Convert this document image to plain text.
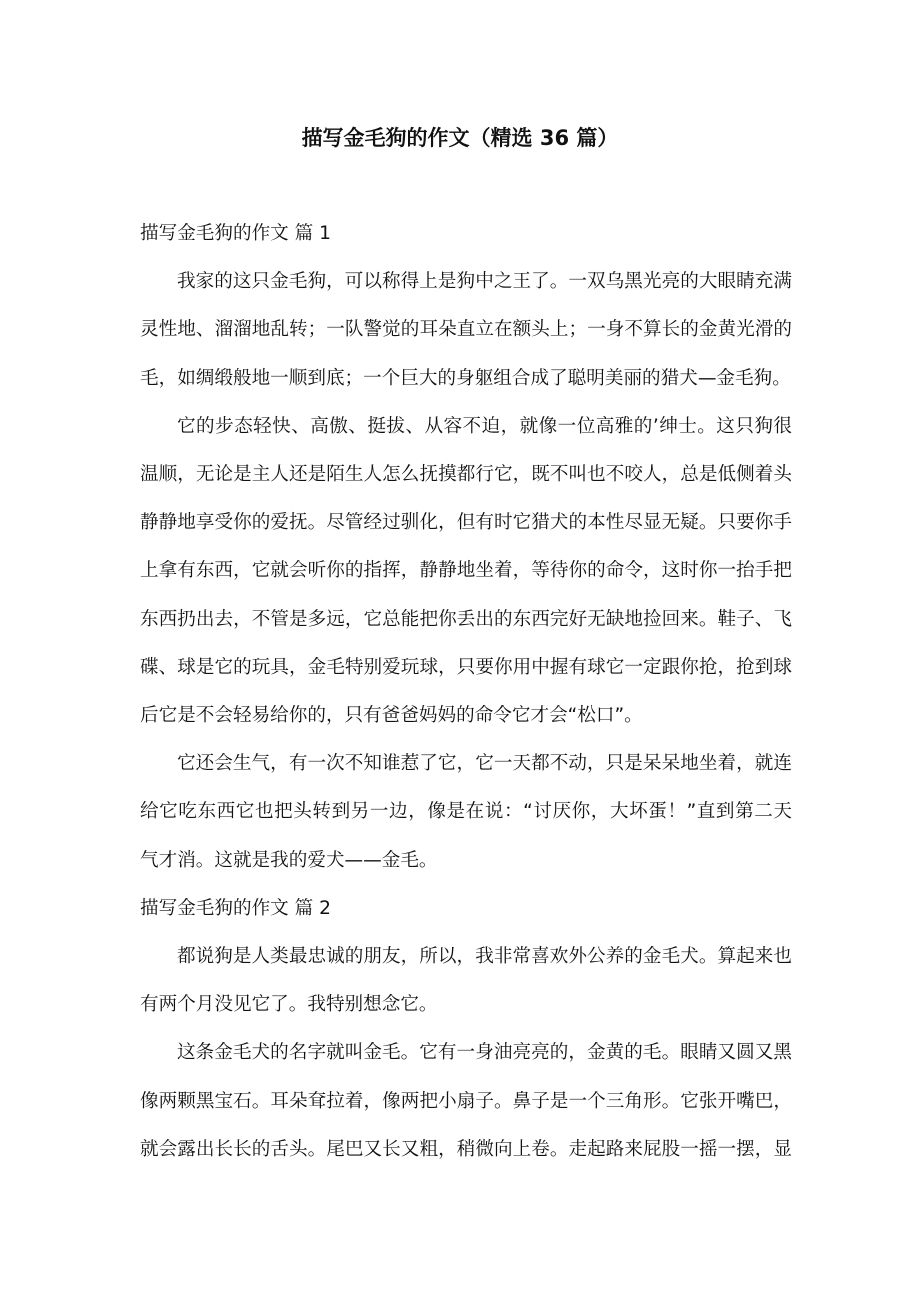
描写金毛狗的作文（精选 36 篇）
描写金毛狗的作文 篇 1
我家的这只金毛狗，可以称得上是狗中之王了。一双乌黑光亮的大眼睛充满
灵性地、溜溜地乱转；一队警觉的耳朵直立在额头上；一身不算长的金黄光滑的
毛，如绸缎般地一顺到底；一个巨大的身躯组合成了聪明美丽的猎犬—金毛狗。
它的步态轻快、高傲、挺拔、从容不迫，就像一位高雅的’绅士。这只狗很
温顺，无论是主人还是陌生人怎么抚摸都行它，既不叫也不咬人，总是低侧着头
静静地享受你的爱抚。尽管经过驯化，但有时它猎犬的本性尽显无疑。只要你手
上拿有东西，它就会听你的指挥，静静地坐着，等待你的命令，这时你一抬手把
东西扔出去，不管是多远，它总能把你丢出的东西完好无缺地捡回来。鞋子、飞
碟、球是它的玩具，金毛特别爱玩球，只要你用中握有球它一定跟你抢，抢到球
后它是不会轻易给你的，只有爸爸妈妈的命令它才会“松口”。
它还会生气，有一次不知谁惹了它，它一天都不动，只是呆呆地坐着，就连
给它吃东西它也把头转到另一边，像是在说：“讨厌你，大坏蛋！”直到第二天
气才消。这就是我的爱犬——金毛。
描写金毛狗的作文 篇 2
都说狗是人类最忠诚的朋友，所以，我非常喜欢外公养的金毛犬。算起来也
有两个月没见它了。我特别想念它。
这条金毛犬的名字就叫金毛。它有一身油亮亮的，金黄的毛。眼睛又圆又黑
像两颗黑宝石。耳朵耷拉着，像两把小扇子。鼻子是一个三角形。它张开嘴巴，
就会露出长长的舌头。尾巴又长又粗，稍微向上卷。走起路来屁股一摇一摆，显
